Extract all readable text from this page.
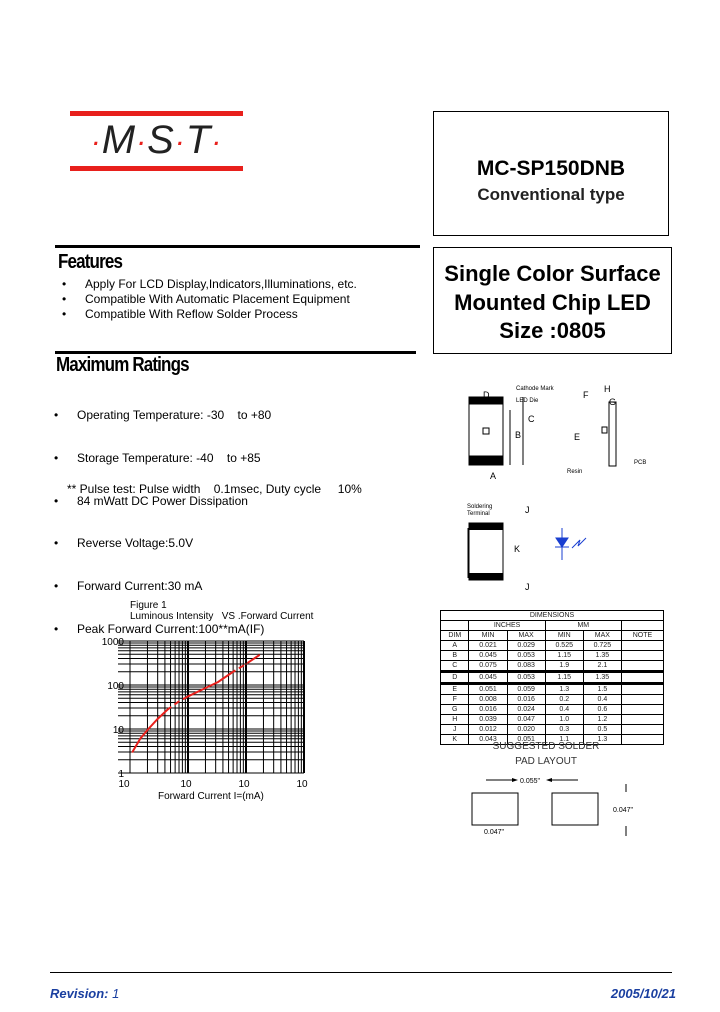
·M·S·T·
MC-SP150DNB
Conventional type
Features
• Apply For LCD Display,Indicators,Illuminations, etc.
• Compatible With Automatic Placement Equipment
• Compatible With Reflow Solder Process
Single Color Surface
Mounted Chip LED
Size :0805
Maximum Ratings

• Operating Temperature: -30    to +80

• Storage Temperature: -40    to +85

• 84 mWatt DC Power Dissipation

• Reverse Voltage:5.0V

• Forward Current:30 mA

• Peak Forward Current:100**mA(IF)

** Pulse test: Pulse width    0.1msec, Duty cycle     10%
Figure 1
Luminous Intensity   VS .Forward Current
1
10
100
1000
10	10	10	10
Forward Current I=(mA)
D
Cathode Mark
LED Die
B
C
A
F
H
G
E
Resin
PCB
Soldering
Terminal	J
K
J
DIMENSIONS					
	INCHES		MM		
DIM	MIN	MAX	MIN	MAX	NOTE
A	0.021	0.029	0.525	0.725	
B	0.045	0.053	1.15	1.35	
C	0.075	0.083	1.9	2.1	
D	0.045	0.053	1.15	1.35	
E	0.051	0.059	1.3	1.5	
F	0.008	0.016	0.2	0.4	
G	0.016	0.024	0.4	0.6	
H	0.039	0.047	1.0	1.2	
J	0.012	0.020	0.3	0.5	
K	0.043	0.051	1.1	1.3	
SUGGESTED SOLDER
PAD LAYOUT
0.055"
0.047"
0.047"
Revision: 1	2005/10/21
